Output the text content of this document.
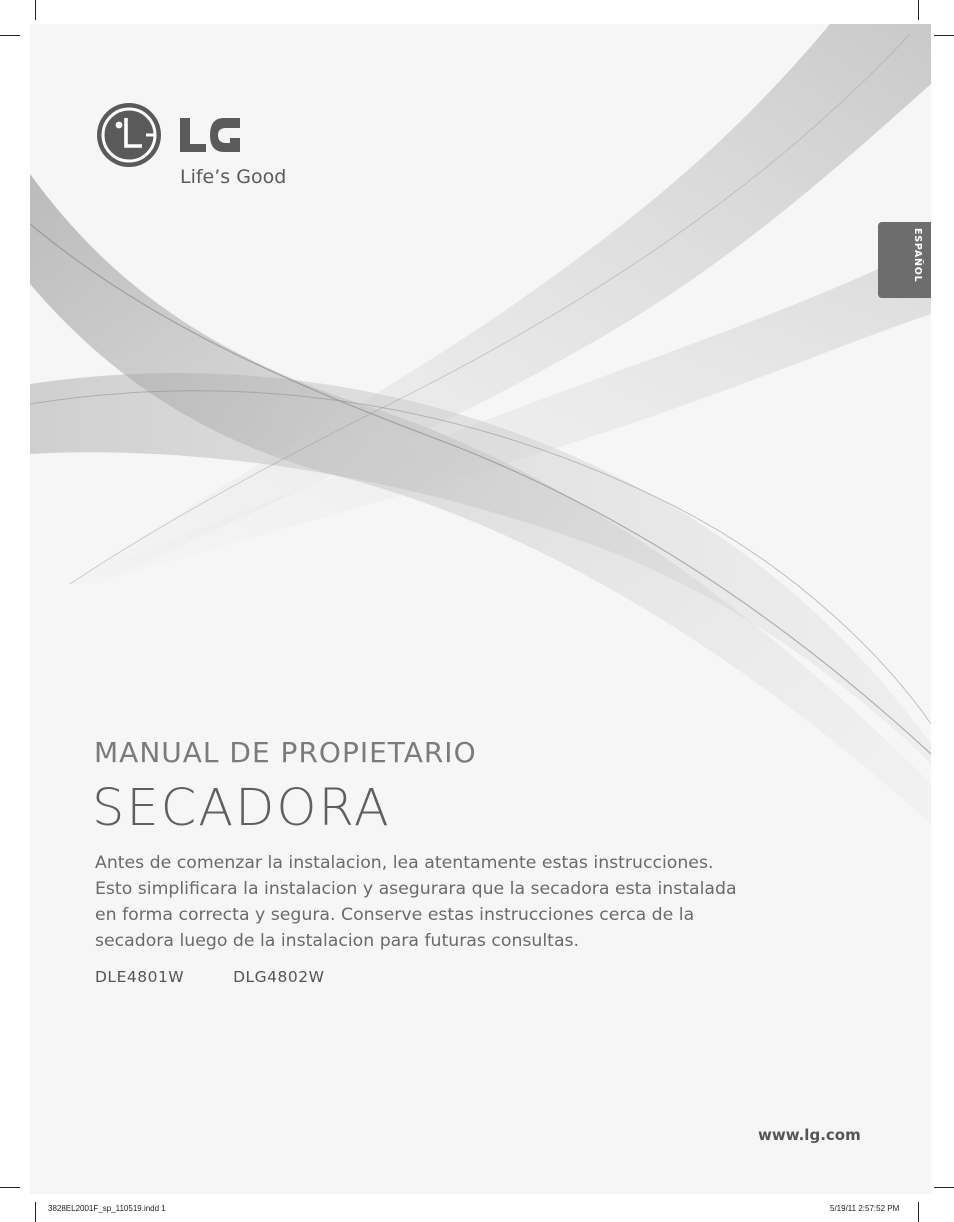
Life’s Good
ESPAÑOL
MANUAL DE PROPIETARIO
SECADORA

Antes de comenzar la instalacion, lea atentamente estas instrucciones.
Esto simplificara la instalacion y asegurara que la secadora esta instalada
en forma correcta y segura. Conserve estas instrucciones cerca de la
secadora luego de la instalacion para futuras consultas.

DLE4801W	DLG4802W
www.lg.com
3828EL2001F_sp_110519.indd 1	5/19/11 2:57:52 PM
